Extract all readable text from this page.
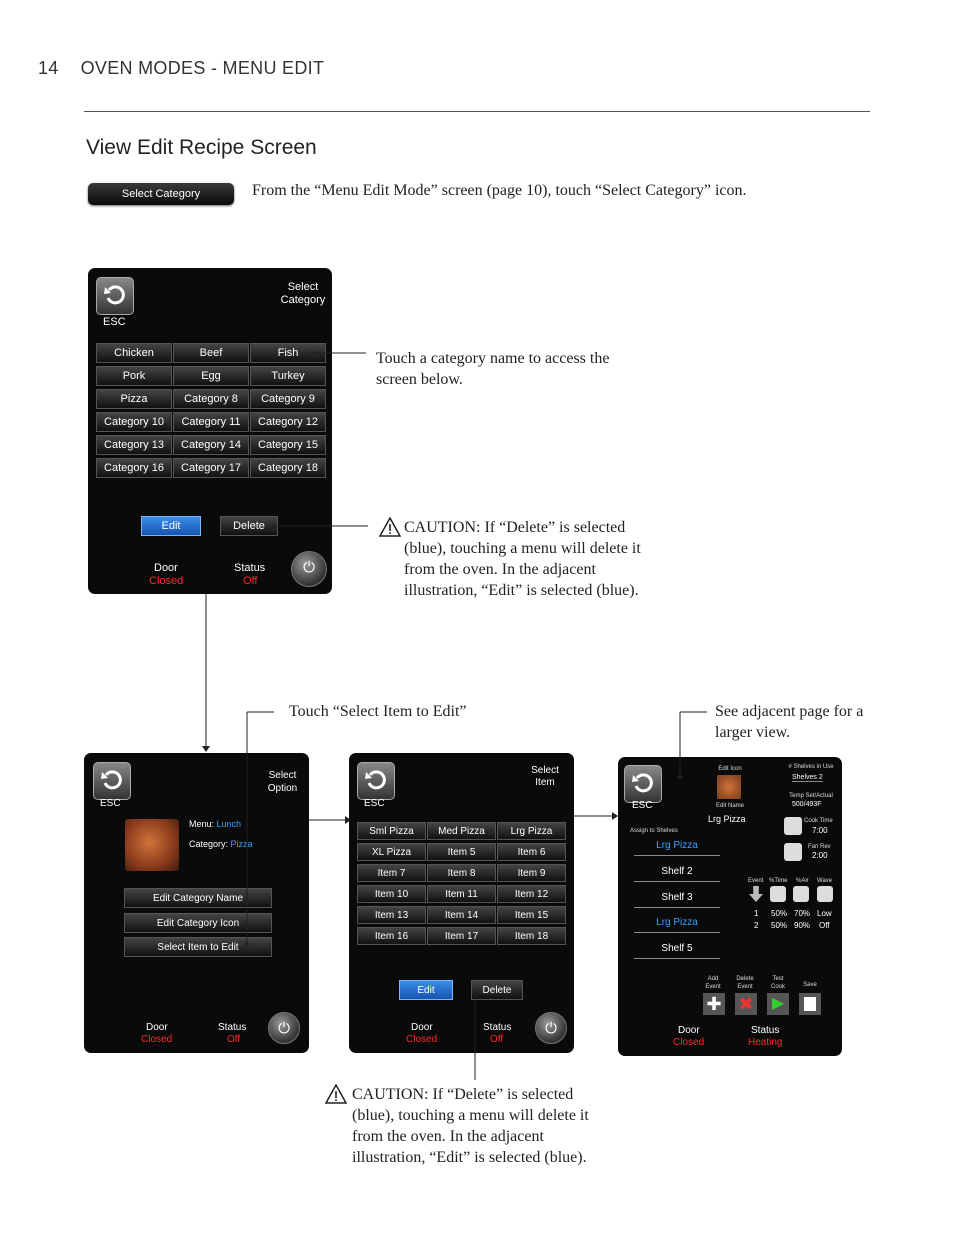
14 OVEN MODES - MENU EDIT
View Edit Recipe Screen
Select Category	From the “Menu Edit Mode” screen (page 10), touch “Select Category” icon.
ESC
Select Category
Chicken	Beef	Fish
Pork	Egg	Turkey
Pizza	Category 8	Category 9
Category 10	Category 11	Category 12
Category 13	Category 14	Category 15
Category 16	Category 17	Category 18
Edit	Delete
Door
Closed
Status
Off
⏻
Touch a category name to access the screen below.
CAUTION: If “Delete” is selected (blue), touching a menu will delete it from the oven. In the adjacent illustration, “Edit” is selected (blue).
Touch “Select Item to Edit”	See adjacent page for a larger view.
ESC
Select Option
Menu: Lunch
Category: Pizza
Edit Category Name
Edit Category Icon
Select Item to Edit
Door
Closed
Status
Off
⏻
ESC
Select Item
Sml Pizza	Med Pizza	Lrg Pizza
XL Pizza	Item 5	Item 6
Item 7	Item 8	Item 9
Item 10	Item 11	Item 12
Item 13	Item 14	Item 15
Item 16	Item 17	Item 18
Edit	Delete
Door
Closed
Status
Off
⏻
ESC
Edit Icon
Edit Name
Lrg Pizza
# Shelves in Use
Shelves 2
Temp Set/Actual
500/493F
Assign to Shelves
Lrg Pizza
Shelf 2
Shelf 3
Lrg Pizza
Shelf 5
Cook Time
7:00
Fan Rev
2:00
Event %Time %Air Wave
1 50% 70% Low
2 50% 90% Off
Add Event
Delete Event
Test Cook	Save
✚ ✖	▶
Door
Closed
Status
Heating
CAUTION: If “Delete” is selected (blue), touching a menu will delete it from the oven. In the adjacent illustration, “Edit” is selected (blue).
